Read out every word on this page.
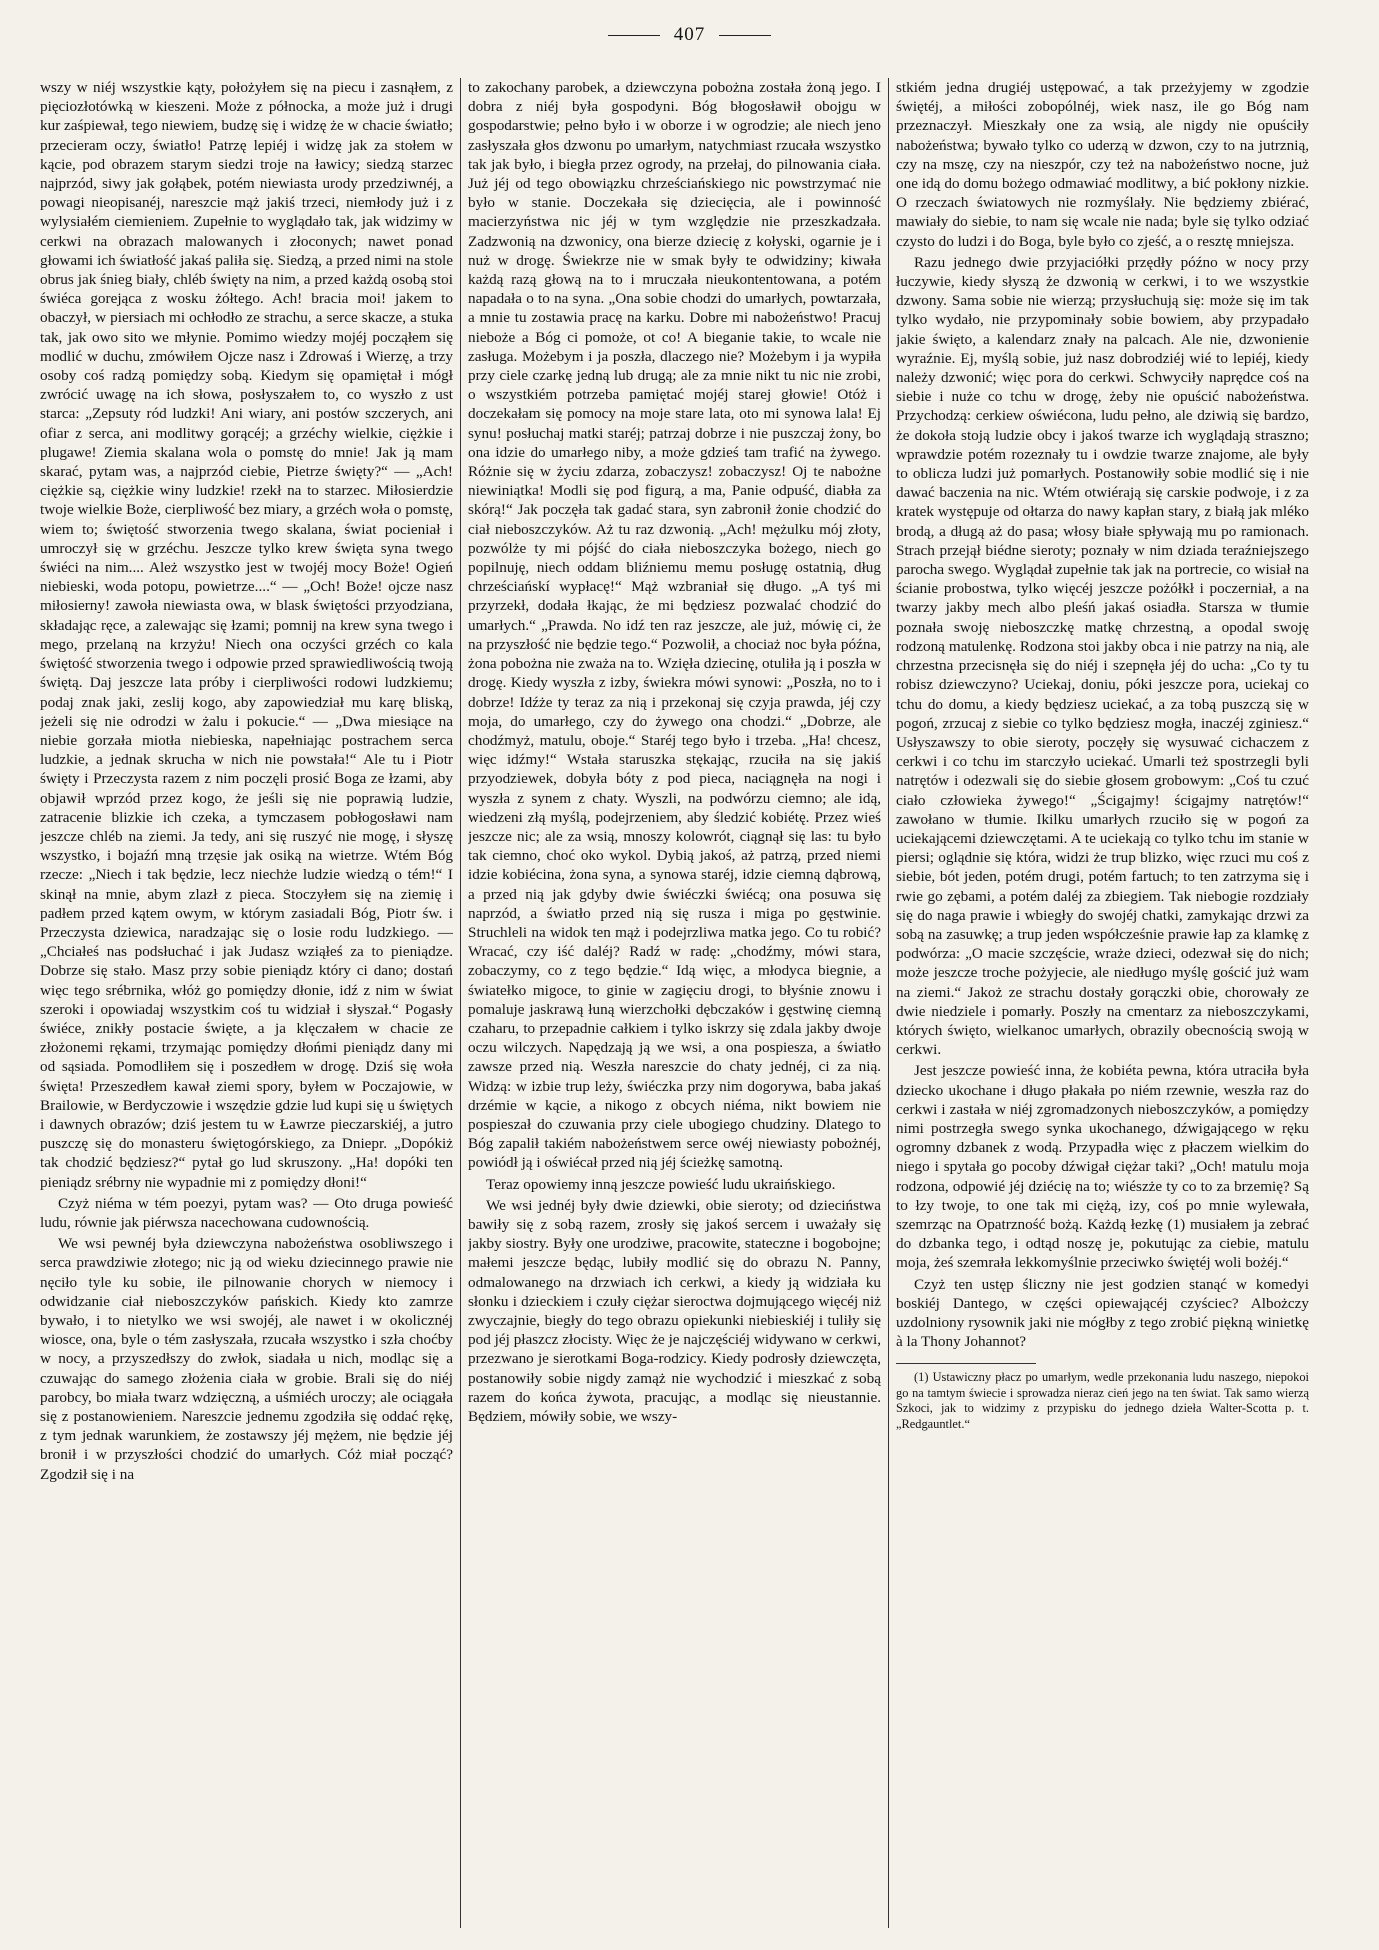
407

wszy w niéj wszystkie kąty, położyłem się na piecu i zasnąłem, z pięciozłotówką w kieszeni. Może z północka, a może już i drugi kur zaśpiewał, tego niewiem, budzę się i widzę że w chacie światło; przecieram oczy, światło! Patrzę lepiéj i widzę jak za stołem w kącie, pod obrazem starym siedzi troje na ławicy; siedzą starzec najprzód, siwy jak gołąbek, potém niewiasta urody przedziwnéj, a powagi nieopisanéj, nareszcie mąż jakiś trzeci, niemłody już i z wylysiałém ciemieniem. Zupełnie to wyglądało tak, jak widzimy w cerkwi na obrazach malowanych i złoconych; nawet ponad głowami ich światłość jakaś paliła się. Siedzą, a przed nimi na stole obrus jak śnieg biały, chléb święty na nim, a przed każdą osobą stoi świéca gorejąca z wosku żółtego. Ach! bracia moi! jakem to obaczył, w piersiach mi ochłodło ze strachu, a serce skacze, a stuka tak, jak owo sito we młynie. Pomimo wiedzy mojéj począłem się modlić w duchu, zmówiłem Ojcze nasz i Zdrowaś i Wierzę, a trzy osoby coś radzą pomiędzy sobą. Kiedym się opamiętał i mógł zwrócić uwagę na ich słowa, posłyszałem to, co wyszło z ust starca: „Zepsuty ród ludzki! Ani wiary, ani postów szczerych, ani ofiar z serca, ani modlitwy gorącéj; a grzéchy wielkie, ciężkie i plugawe! Ziemia skalana wola o pomstę do mnie! Jak ją mam skarać, pytam was, a najprzód ciebie, Pietrze święty?“ — „Ach! ciężkie są, ciężkie winy ludzkie! rzekł na to starzec. Miłosierdzie twoje wielkie Boże, cierpliwość bez miary, a grzéch woła o pomstę, wiem to; świętość stworzenia twego skalana, świat pocieniał i umroczył się w grzéchu. Jeszcze tylko krew święta syna twego świéci na nim.... Ależ wszystko jest w twojéj mocy Boże! Ogień niebieski, woda potopu, powietrze....“ — „Och! Boże! ojcze nasz miłosierny! zawoła niewiasta owa, w blask świętości przyodziana, składając ręce, a zalewając się łzami; pomnij na krew syna twego i mego, przelaną na krzyżu! Niech ona oczyści grzéch co kala świętość stworzenia twego i odpowie przed sprawiedliwością twoją świętą. Daj jeszcze lata próby i cierpliwości rodowi ludzkiemu; podaj znak jaki, zeslij kogo, aby zapowiedział mu karę bliską, jeżeli się nie odrodzi w żalu i pokucie.“ — „Dwa miesiące na niebie gorzała miotła niebieska, napełniając postrachem serca ludzkie, a jednak skrucha w nich nie powstała!“ Ale tu i Piotr święty i Przeczysta razem z nim poczęli prosić Boga ze łzami, aby objawił wprzód przez kogo, że jeśli się nie poprawią ludzie, zatracenie blizkie ich czeka, a tymczasem pobłogosławi nam jeszcze chléb na ziemi. Ja tedy, ani się ruszyć nie mogę, i słyszę wszystko, i bojaźń mną trzęsie jak osiką na wietrze. Wtém Bóg rzecze: „Niech i tak będzie, lecz niechże ludzie wiedzą o tém!“ I skinął na mnie, abym zlazł z pieca. Stoczyłem się na ziemię i padłem przed kątem owym, w którym zasiadali Bóg, Piotr św. i Przeczysta dziewica, naradzając się o losie rodu ludzkiego. — „Chciałeś nas podsłuchać i jak Judasz wziąłeś za to pieniądze. Dobrze się stało. Masz przy sobie pieniądz który ci dano; dostań więc tego srébrnika, włóż go pomiędzy dłonie, idź z nim w świat szeroki i opowiadaj wszystkim coś tu widział i słyszał.“ Pogasły świéce, znikły postacie święte, a ja klęczałem w chacie ze złożonemi rękami, trzymając pomiędzy dłońmi pieniądz dany mi od sąsiada. Pomodliłem się i poszedłem w drogę. Dziś się woła święta! Przeszedłem kawał ziemi spory, byłem w Poczajowie, w Brailowie, w Berdyczowie i wszędzie gdzie lud kupi się u świętych i dawnych obrazów; dziś jestem tu w Ławrze pieczarskiéj, a jutro puszczę się do monasteru świętogórskiego, za Dniepr. „Dopókiż tak chodzić będziesz?“ pytał go lud skruszony. „Ha! dopóki ten pieniądz srébrny nie wypadnie mi z pomiędzy dłoni!“

Czyż niéma w tém poezyi, pytam was? — Oto druga powieść ludu, równie jak piérwsza nacechowana cudownością.

We wsi pewnéj była dziewczyna nabożeństwa osobliwszego i serca prawdziwie złotego; nic ją od wieku dziecinnego prawie nie nęciło tyle ku sobie, ile pilnowanie chorych w niemocy i odwidzanie ciał nieboszczyków pańskich. Kiedy kto zamrze bywało, i to nietylko we wsi swojéj, ale nawet i w okolicznéj wiosce, ona, byle o tém zasłyszała, rzucała wszystko i szła choćby w nocy, a przyszedłszy do zwłok, siadała u nich, modląc się a czuwając do samego złożenia ciała w grobie. Brali się do niéj parobcy, bo miała twarz wdzięczną, a uśmiéch uroczy; ale ociągała się z postanowieniem. Nareszcie jednemu zgodziła się oddać rękę, z tym jednak warunkiem, że zostawszy jéj mężem, nie będzie jéj bronił i w przyszłości chodzić do umarłych. Cóż miał począć? Zgodził się i na

to zakochany parobek, a dziewczyna pobożna została żoną jego. I dobra z niéj była gospodyni. Bóg błogosławił obojgu w gospodarstwie; pełno było i w oborze i w ogrodzie; ale niech jeno zasłyszała głos dzwonu po umarłym, natychmiast rzucała wszystko tak jak było, i biegła przez ogrody, na przełaj, do pilnowania ciała. Już jéj od tego obowiązku chrześciańskiego nic powstrzymać nie było w stanie. Doczekała się dziecięcia, ale i powinność macierzyństwa nic jéj w tym względzie nie przeszkadzała. Zadzwonią na dzwonicy, ona bierze dziecię z kołyski, ogarnie je i nuż w drogę. Świekrze nie w smak były te odwidziny; kiwała każdą razą głową na to i mruczała nieukontentowana, a potém napadała o to na syna. „Ona sobie chodzi do umarłych, powtarzała, a mnie tu zostawia pracę na karku. Dobre mi nabożeństwo! Pracuj nieboże a Bóg ci pomoże, ot co! A bieganie takie, to wcale nie zasługa. Możebym i ja poszła, dlaczego nie? Możebym i ja wypiła przy ciele czarkę jedną lub drugą; ale za mnie nikt tu nic nie zrobi, o wszystkiém potrzeba pamiętać mojéj starej głowie! Otóż i doczekałam się pomocy na moje stare lata, oto mi synowa lala! Ej synu! posłuchaj matki staréj; patrzaj dobrze i nie puszczaj żony, bo ona idzie do umarłego niby, a może gdzieś tam trafić na żywego. Różnie się w życiu zdarza, zobaczysz! zobaczysz! Oj te nabożne niewiniątka! Modli się pod figurą, a ma, Panie odpuść, diabła za skórą!“ Jak poczęła tak gadać stara, syn zabronił żonie chodzić do ciał nieboszczyków. Aż tu raz dzwonią. „Ach! mężulku mój złoty, pozwólże ty mi pójść do ciała nieboszczyka bożego, niech go popilnuję, niech oddam bliźniemu memu posługę ostatnią, dług chrześciańskí wypłacę!“ Mąż wzbraniał się długo. „A tyś mi przyrzekł, dodała łkając, że mi będziesz pozwalać chodzić do umarłych.“ „Prawda. No idź ten raz jeszcze, ale już, mówię ci, że na przyszłość nie będzie tego.“ Pozwolił, a chociaż noc była późna, żona pobożna nie zważa na to. Wzięła dziecinę, otuliła ją i poszła w drogę. Kiedy wyszła z izby, świekra mówi synowi: „Poszła, no to i dobrze! Idźże ty teraz za nią i przekonaj się czyja prawda, jéj czy moja, do umarłego, czy do żywego ona chodzi.“ „Dobrze, ale chodźmyż, matulu, oboje.“ Staréj tego było i trzeba. „Ha! chcesz, więc idźmy!“ Wstała staruszka stękając, rzuciła na się jakiś przyodziewek, dobyła bóty z pod pieca, naciągnęła na nogi i wyszła z synem z chaty. Wyszli, na podwórzu ciemno; ale idą, wiedzeni złą myślą, podejrzeniem, aby śledzić kobiétę. Przez wieś jeszcze nic; ale za wsią, mnoszy kolowrót, ciągnął się las: tu było tak ciemno, choć oko wykol. Dybią jakoś, aż patrzą, przed niemi idzie kobiécina, żona syna, a synowa staréj, idzie ciemną dąbrową, a przed nią jak gdyby dwie świéczki świécą; ona posuwa się naprzód, a światło przed nią się rusza i miga po gęstwinie. Struchleli na widok ten mąż i podejrzliwa matka jego. Co tu robić? Wracać, czy iść daléj? Radź w radę: „chodźmy, mówi stara, zobaczymy, co z tego będzie.“ Idą więc, a młodyca biegnie, a światełko migoce, to ginie w zagięciu drogi, to błyśnie znowu i pomaluje jaskrawą łuną wierzchołki dębczaków i gęstwinę ciemną czaharu, to przepadnie całkiem i tylko iskrzy się zdala jakby dwoje oczu wilczych. Napędzają ją we wsi, a ona pospiesza, a światło zawsze przed nią. Weszła nareszcie do chaty jednéj, ci za nią. Widzą: w izbie trup leży, świéczka przy nim dogorywa, baba jakaś drzémie w kącie, a nikogo z obcych niéma, nikt bowiem nie pospieszał do czuwania przy ciele ubogiego chudziny. Dlatego to Bóg zapalił takiém nabożeństwem serce owéj niewiasty pobożnéj, powiódł ją i oświécał przed nią jéj ścieżkę samotną.

Teraz opowiemy inną jeszcze powieść ludu ukraińskiego.

We wsi jednéj były dwie dziewki, obie sieroty; od dzieciństwa bawiły się z sobą razem, zrosły się jakoś sercem i uważały się jakby siostry. Były one urodziwe, pracowite, stateczne i bogobojne; małemi jeszcze będąc, lubiły modlić się do obrazu N. Panny, odmalowanego na drzwiach ich cerkwi, a kiedy ją widziała ku słonku i dzieckiem i czuły ciężar sieroctwa dojmującego więcéj niż zwyczajnie, biegły do tego obrazu opiekunki niebieskiéj i tuliły się pod jéj płaszcz złocisty. Więc że je najczęściéj widywano w cerkwi, przezwano je sierotkami Boga-rodzicy. Kiedy podrosły dziewczęta, postanowiły sobie nigdy zamąż nie wychodzić i mieszkać z sobą razem do końca żywota, pracując, a modląc się nieustannie. Będziem, mówiły sobie, we wszy-

stkiém jedna drugiéj ustępować, a tak przeżyjemy w zgodzie świętéj, a miłości zobopólnéj, wiek nasz, ile go Bóg nam przeznaczył. Mieszkały one za wsią, ale nigdy nie opuściły nabożeństwa; bywało tylko co uderzą w dzwon, czy to na jutrznią, czy na mszę, czy na nieszpór, czy też na nabożeństwo nocne, już one idą do domu bożego odmawiać modlitwy, a bić pokłony nizkie. O rzeczach światowych nie rozmyślały. Nie będziemy zbiérać, mawiały do siebie, to nam się wcale nie nada; byle się tylko odziać czysto do ludzi i do Boga, byle było co zjeść, a o resztę mniejsza.

Razu jednego dwie przyjaciółki przędły późno w nocy przy łuczywie, kiedy słyszą że dzwonią w cerkwi, i to we wszystkie dzwony. Sama sobie nie wierzą; przysłuchują się: może się im tak tylko wydało, nie przypominały sobie bowiem, aby przypadało jakie święto, a kalendarz znały na palcach. Ale nie, dzwonienie wyraźnie. Ej, myślą sobie, już nasz dobrodziéj wié to lepiéj, kiedy należy dzwonić; więc pora do cerkwi. Schwyciły naprędce coś na siebie i nuże co tchu w drogę, żeby nie opuścić nabożeństwa. Przychodzą: cerkiew oświécona, ludu pełno, ale dziwią się bardzo, że dokoła stoją ludzie obcy i jakoś twarze ich wyglądają straszno; wprawdzie potém rozeznały tu i owdzie twarze znajome, ale były to oblicza ludzi już pomarłych. Postanowiły sobie modlić się i nie dawać baczenia na nic. Wtém otwiérają się carskie podwoje, i z za kratek występuje od ołtarza do nawy kapłan stary, z białą jak mléko brodą, a długą aż do pasa; włosy białe spływają mu po ramionach. Strach przejął biédne sieroty; poznały w nim dziada teraźniejszego parocha swego. Wyglądał zupełnie tak jak na portrecie, co wisiał na ścianie probostwa, tylko więcéj jeszcze pożółkł i poczerniał, a na twarzy jakby mech albo pleśń jakaś osiadła. Starsza w tłumie poznała swoję nieboszczkę matkę chrzestną, a opodal swoję rodzoną matulenkę. Rodzona stoi jakby obca i nie patrzy na nią, ale chrzestna przecisnęła się do niéj i szepnęła jéj do ucha: „Co ty tu robisz dziewczyno? Uciekaj, doniu, póki jeszcze pora, uciekaj co tchu do domu, a kiedy będziesz uciekać, a za tobą puszczą się w pogoń, zrzucaj z siebie co tylko będziesz mogła, inaczéj zginiesz.“ Usłyszawszy to obie sieroty, poczęły się wysuwać cichaczem z cerkwi i co tchu im starczyło uciekać. Umarli też spostrzegli byli natrętów i odezwali się do siebie głosem grobowym: „Coś tu czuć ciało człowieka żywego!“ „Ścigajmy! ścigajmy natrętów!“ zawołano w tłumie. Ikilku umarłych rzuciło się w pogoń za uciekającemi dziewczętami. A te uciekają co tylko tchu im stanie w piersi; oglądnie się która, widzi że trup blizko, więc rzuci mu coś z siebie, bót jeden, potém drugi, potém fartuch; to ten zatrzyma się i rwie go zębami, a potém daléj za zbiegiem. Tak niebogie rozdziały się do naga prawie i wbiegły do swojéj chatki, zamykając drzwi za sobą na zasuwkę; a trup jeden współcześnie prawie łap za klamkę z podwórza: „O macie szczęście, wraże dzieci, odezwał się do nich; może jeszcze troche pożyjecie, ale niedługo myślę gościć już wam na ziemi.“ Jakoż ze strachu dostały gorączki obie, chorowały ze dwie niedziele i pomarły. Poszły na cmentarz za nieboszczykami, których święto, wielkanoc umarłych, obrazily obecnością swoją w cerkwi.

Jest jeszcze powieść inna, że kobiéta pewna, która utraciła była dziecko ukochane i długo płakała po niém rzewnie, weszła raz do cerkwi i zastała w niéj zgromadzonych nieboszczyków, a pomiędzy nimi postrzegła swego synka ukochanego, dźwigającego w ręku ogromny dzbanek z wodą. Przypadła więc z płaczem wielkim do niego i spytała go pocoby dźwigał ciężar taki? „Och! matulu moja rodzona, odpowié jéj dziécię na to; wiészże ty co to za brzemię? Są to łzy twoje, to one tak mi ciężą, izy, coś po mnie wylewała, szemrząc na Opatrzność bożą. Każdą łezkę (1) musiałem ja zebrać do dzbanka tego, i odtąd noszę je, pokutując za ciebie, matulu moja, żeś szemrała lekkomyślnie przeciwko świętéj woli bożéj.“

Czyż ten ustęp śliczny nie jest godzien stanąć w komedyi boskiéj Dantego, w części opiewającéj czyściec? Albożczy uzdolniony rysownik jaki nie mógłby z tego zrobić piękną winietkę à la Thony Johannot?

(1) Ustawiczny płacz po umarłym, wedle przekonania ludu naszego, niepokoi go na tamtym świecie i sprowadza nieraz cień jego na ten świat. Tak samo wierzą Szkoci, jak to widzimy z przypisku do jednego dzieła Walter-Scotta p. t. „Redgauntlet.“
